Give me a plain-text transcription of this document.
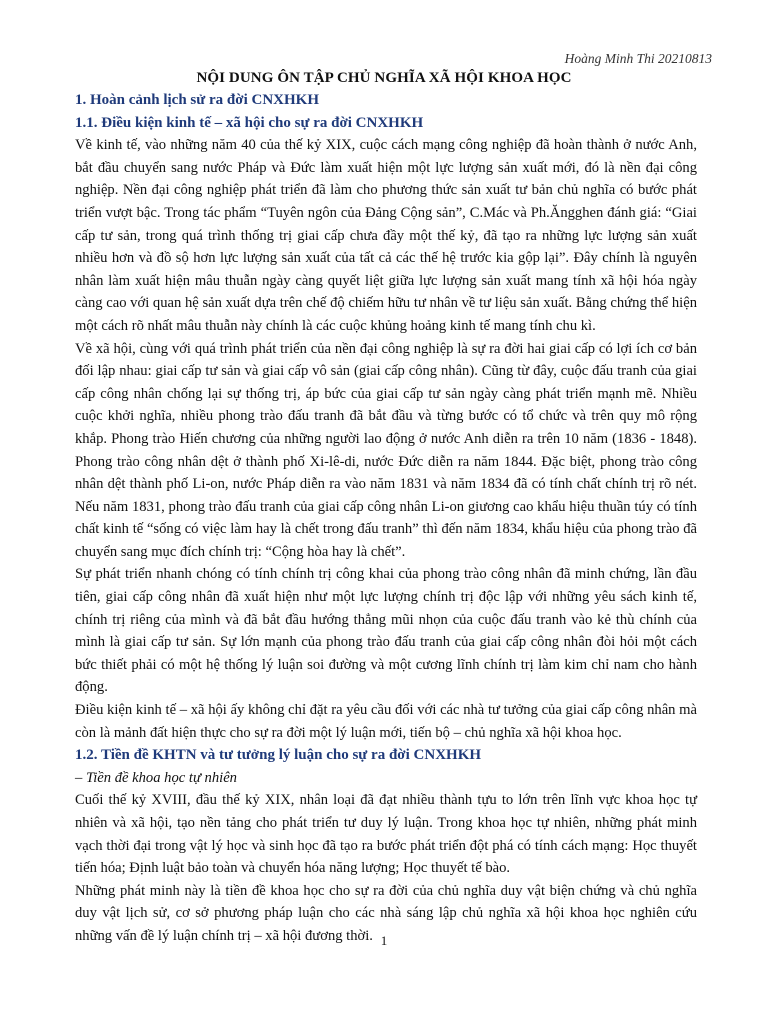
Hoàng Minh Thi 20210813
NỘI DUNG ÔN TẬP CHỦ NGHĨA XÃ HỘI KHOA HỌC
1. Hoàn cảnh lịch sử ra đời CNXHKH
1.1. Điều kiện kinh tế – xã hội cho sự ra đời CNXHKH

Về kinh tế, vào những năm 40 của thế kỷ XIX, cuộc cách mạng công nghiệp đã hoàn thành ở nước Anh, bắt đầu chuyển sang nước Pháp và Đức làm xuất hiện một lực lượng sản xuất mới, đó là nền đại công nghiệp. Nền đại công nghiệp phát triển đã làm cho phương thức sản xuất tư bản chủ nghĩa có bước phát triển vượt bậc. Trong tác phẩm “Tuyên ngôn của Đảng Cộng sản”, C.Mác và Ph.Ăngghen đánh giá: “Giai cấp tư sản, trong quá trình thống trị giai cấp chưa đầy một thế kỷ, đã tạo ra những lực lượng sản xuất nhiều hơn và đồ sộ hơn lực lượng sản xuất của tất cả các thế hệ trước kia gộp lại”. Đây chính là nguyên nhân làm xuất hiện mâu thuẫn ngày càng quyết liệt giữa lực lượng sản xuất mang tính xã hội hóa ngày càng cao với quan hệ sản xuất dựa trên chế độ chiếm hữu tư nhân về tư liệu sản xuất. Bằng chứng thể hiện một cách rõ nhất mâu thuẫn này chính là các cuộc khủng hoảng kinh tế mang tính chu kì.

Về xã hội, cùng với quá trình phát triển của nền đại công nghiệp là sự ra đời hai giai cấp có lợi ích cơ bản đối lập nhau: giai cấp tư sản và giai cấp vô sản (giai cấp công nhân). Cũng từ đây, cuộc đấu tranh của giai cấp công nhân chống lại sự thống trị, áp bức của giai cấp tư sản ngày càng phát triển mạnh mẽ. Nhiều cuộc khởi nghĩa, nhiều phong trào đấu tranh đã bắt đầu và từng bước có tổ chức và trên quy mô rộng khắp. Phong trào Hiến chương của những người lao động ở nước Anh diễn ra trên 10 năm (1836 - 1848). Phong trào công nhân dệt ở thành phố Xi-lê-di, nước Đức diễn ra năm 1844. Đặc biệt, phong trào công nhân dệt thành phố Li-on, nước Pháp diễn ra vào năm 1831 và năm 1834 đã có tính chất chính trị rõ nét. Nếu năm 1831, phong trào đấu tranh của giai cấp công nhân Li-on giương cao khẩu hiệu thuần túy có tính chất kinh tế “sống có việc làm hay là chết trong đấu tranh” thì đến năm 1834, khẩu hiệu của phong trào đã chuyển sang mục đích chính trị: “Cộng hòa hay là chết”.

Sự phát triển nhanh chóng có tính chính trị công khai của phong trào công nhân đã minh chứng, lần đầu tiên, giai cấp công nhân đã xuất hiện như một lực lượng chính trị độc lập với những yêu sách kinh tế, chính trị riêng của mình và đã bắt đầu hướng thẳng mũi nhọn của cuộc đấu tranh vào kẻ thù chính của mình là giai cấp tư sản. Sự lớn mạnh của phong trào đấu tranh của giai cấp công nhân đòi hỏi một cách bức thiết phải có một hệ thống lý luận soi đường và một cương lĩnh chính trị làm kim chỉ nam cho hành động.

Điều kiện kinh tế – xã hội ấy không chỉ đặt ra yêu cầu đối với các nhà tư tưởng của giai cấp công nhân mà còn là mảnh đất hiện thực cho sự ra đời một lý luận mới, tiến bộ – chủ nghĩa xã hội khoa học.

1.2. Tiền đề KHTN và tư tưởng lý luận cho sự ra đời CNXHKH
– Tiền đề khoa học tự nhiên

Cuối thế kỷ XVIII, đầu thế kỷ XIX, nhân loại đã đạt nhiều thành tựu to lớn trên lĩnh vực khoa học tự nhiên và xã hội, tạo nền tảng cho phát triển tư duy lý luận. Trong khoa học tự nhiên, những phát minh vạch thời đại trong vật lý học và sinh học đã tạo ra bước phát triển đột phá có tính cách mạng: Học thuyết tiến hóa; Định luật bảo toàn và chuyển hóa năng lượng; Học thuyết tế bào.

Những phát minh này là tiền đề khoa học cho sự ra đời của chủ nghĩa duy vật biện chứng và chủ nghĩa duy vật lịch sử, cơ sở phương pháp luận cho các nhà sáng lập chủ nghĩa xã hội khoa học nghiên cứu những vấn đề lý luận chính trị – xã hội đương thời. 1
